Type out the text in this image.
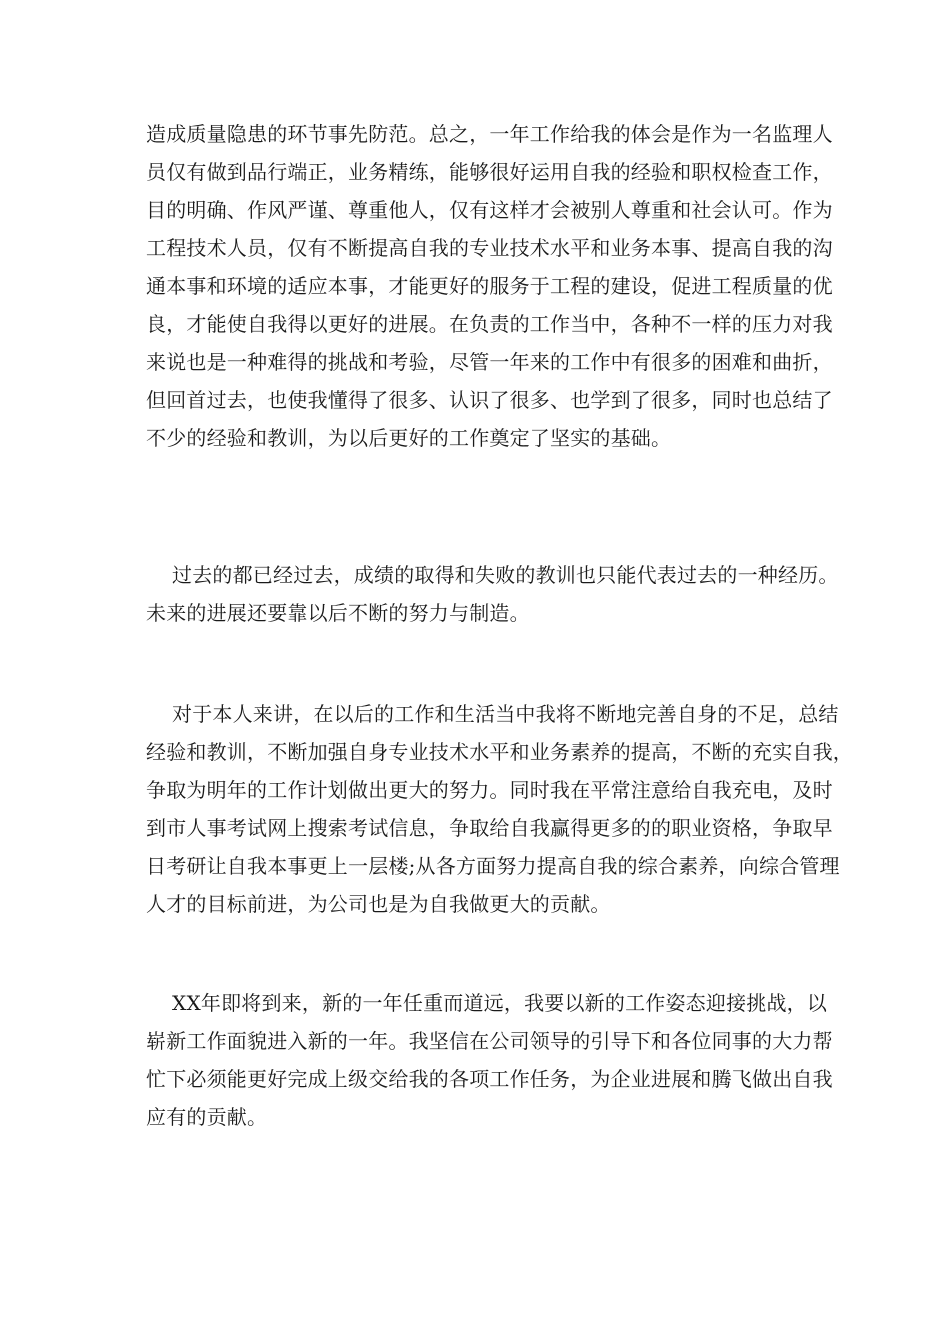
造成质量隐患的环节事先防范。总之，一年工作给我的体会是作为一名监理人
员仅有做到品行端正，业务精练，能够很好运用自我的经验和职权检查工作，
目的明确、作风严谨、尊重他人，仅有这样才会被别人尊重和社会认可。作为
工程技术人员，仅有不断提高自我的专业技术水平和业务本事、提高自我的沟
通本事和环境的适应本事，才能更好的服务于工程的建设，促进工程质量的优
良，才能使自我得以更好的进展。在负责的工作当中，各种不一样的压力对我
来说也是一种难得的挑战和考验，尽管一年来的工作中有很多的困难和曲折，
但回首过去，也使我懂得了很多、认识了很多、也学到了很多，同时也总结了
不少的经验和教训，为以后更好的工作奠定了坚实的基础。

过去的都已经过去，成绩的取得和失败的教训也只能代表过去的一种经历。
未来的进展还要靠以后不断的努力与制造。

对于本人来讲，在以后的工作和生活当中我将不断地完善自身的不足，总结
经验和教训，不断加强自身专业技术水平和业务素养的提高，不断的充实自我，
争取为明年的工作计划做出更大的努力。同时我在平常注意给自我充电，及时
到市人事考试网上搜索考试信息，争取给自我赢得更多的的职业资格，争取早
日考研让自我本事更上一层楼;从各方面努力提高自我的综合素养，向综合管理
人才的目标前进，为公司也是为自我做更大的贡献。

XX年即将到来，新的一年任重而道远，我要以新的工作姿态迎接挑战，以
崭新工作面貌进入新的一年。我坚信在公司领导的引导下和各位同事的大力帮
忙下必须能更好完成上级交给我的各项工作任务，为企业进展和腾飞做出自我
应有的贡献。
